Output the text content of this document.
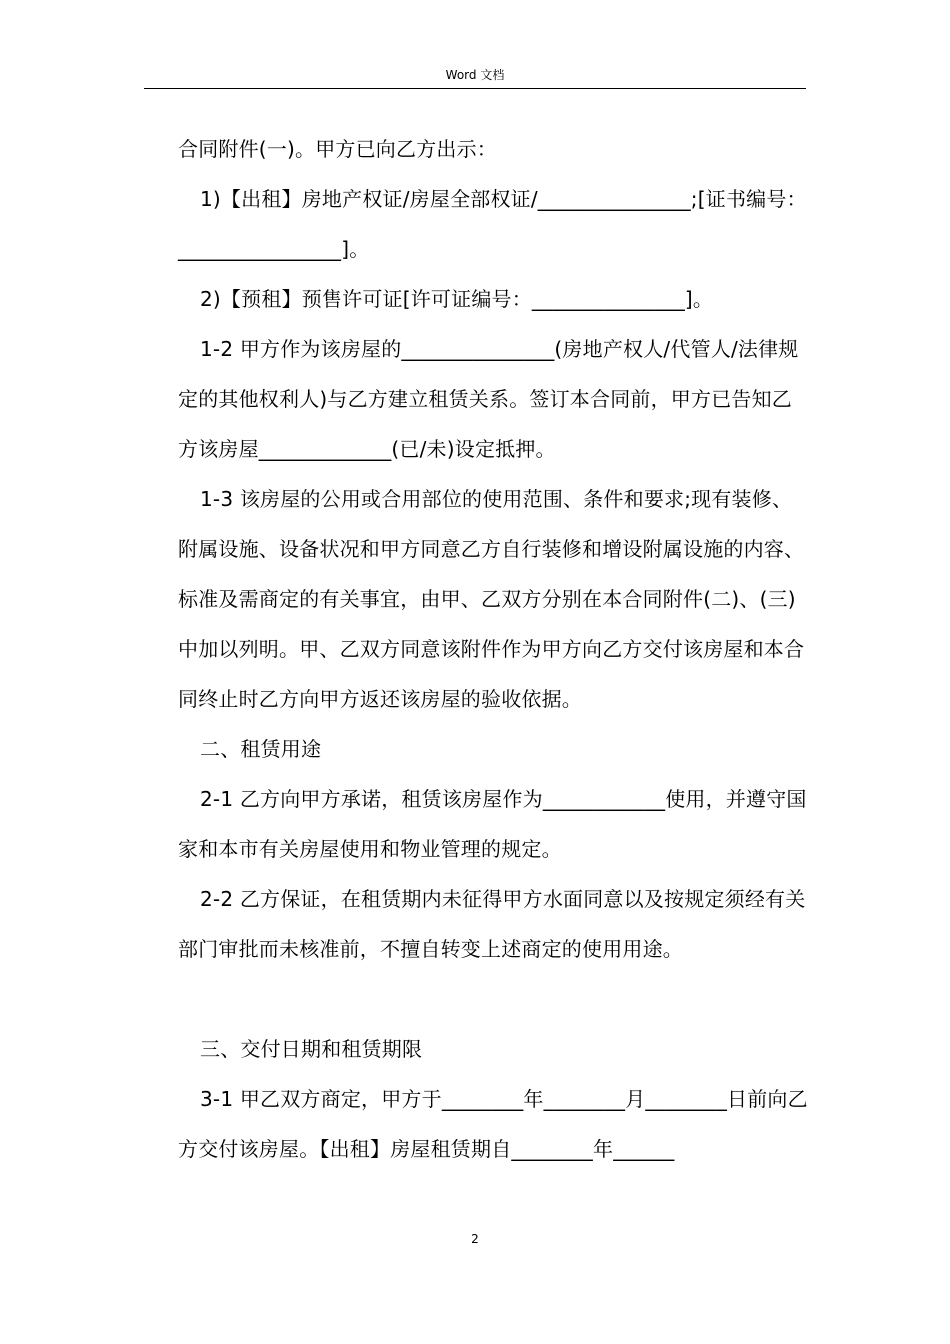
Word 文档

合同附件(一)。甲方已向乙方出示：

1)【出租】房地产权证/房屋全部权证/_______________;[证书编号：________________]。

2)【预租】预售许可证[许可证编号：_______________]。

1-2 甲方作为该房屋的_______________(房地产权人/代管人/法律规定的其他权利人)与乙方建立租赁关系。签订本合同前，甲方已告知乙方该房屋_____________(已/未)设定抵押。

1-3 该房屋的公用或合用部位的使用范围、条件和要求;现有装修、附属设施、设备状况和甲方同意乙方自行装修和增设附属设施的内容、标准及需商定的有关事宜，由甲、乙双方分别在本合同附件(二)、(三)中加以列明。甲、乙双方同意该附件作为甲方向乙方交付该房屋和本合同终止时乙方向甲方返还该房屋的验收依据。

二、租赁用途

2-1 乙方向甲方承诺，租赁该房屋作为____________使用，并遵守国家和本市有关房屋使用和物业管理的规定。

2-2 乙方保证，在租赁期内未征得甲方水面同意以及按规定须经有关部门审批而未核准前，不擅自转变上述商定的使用用途。

三、交付日期和租赁期限

3-1 甲乙双方商定，甲方于________年________月________日前向乙方交付该房屋。【出租】房屋租赁期自________年______

2
